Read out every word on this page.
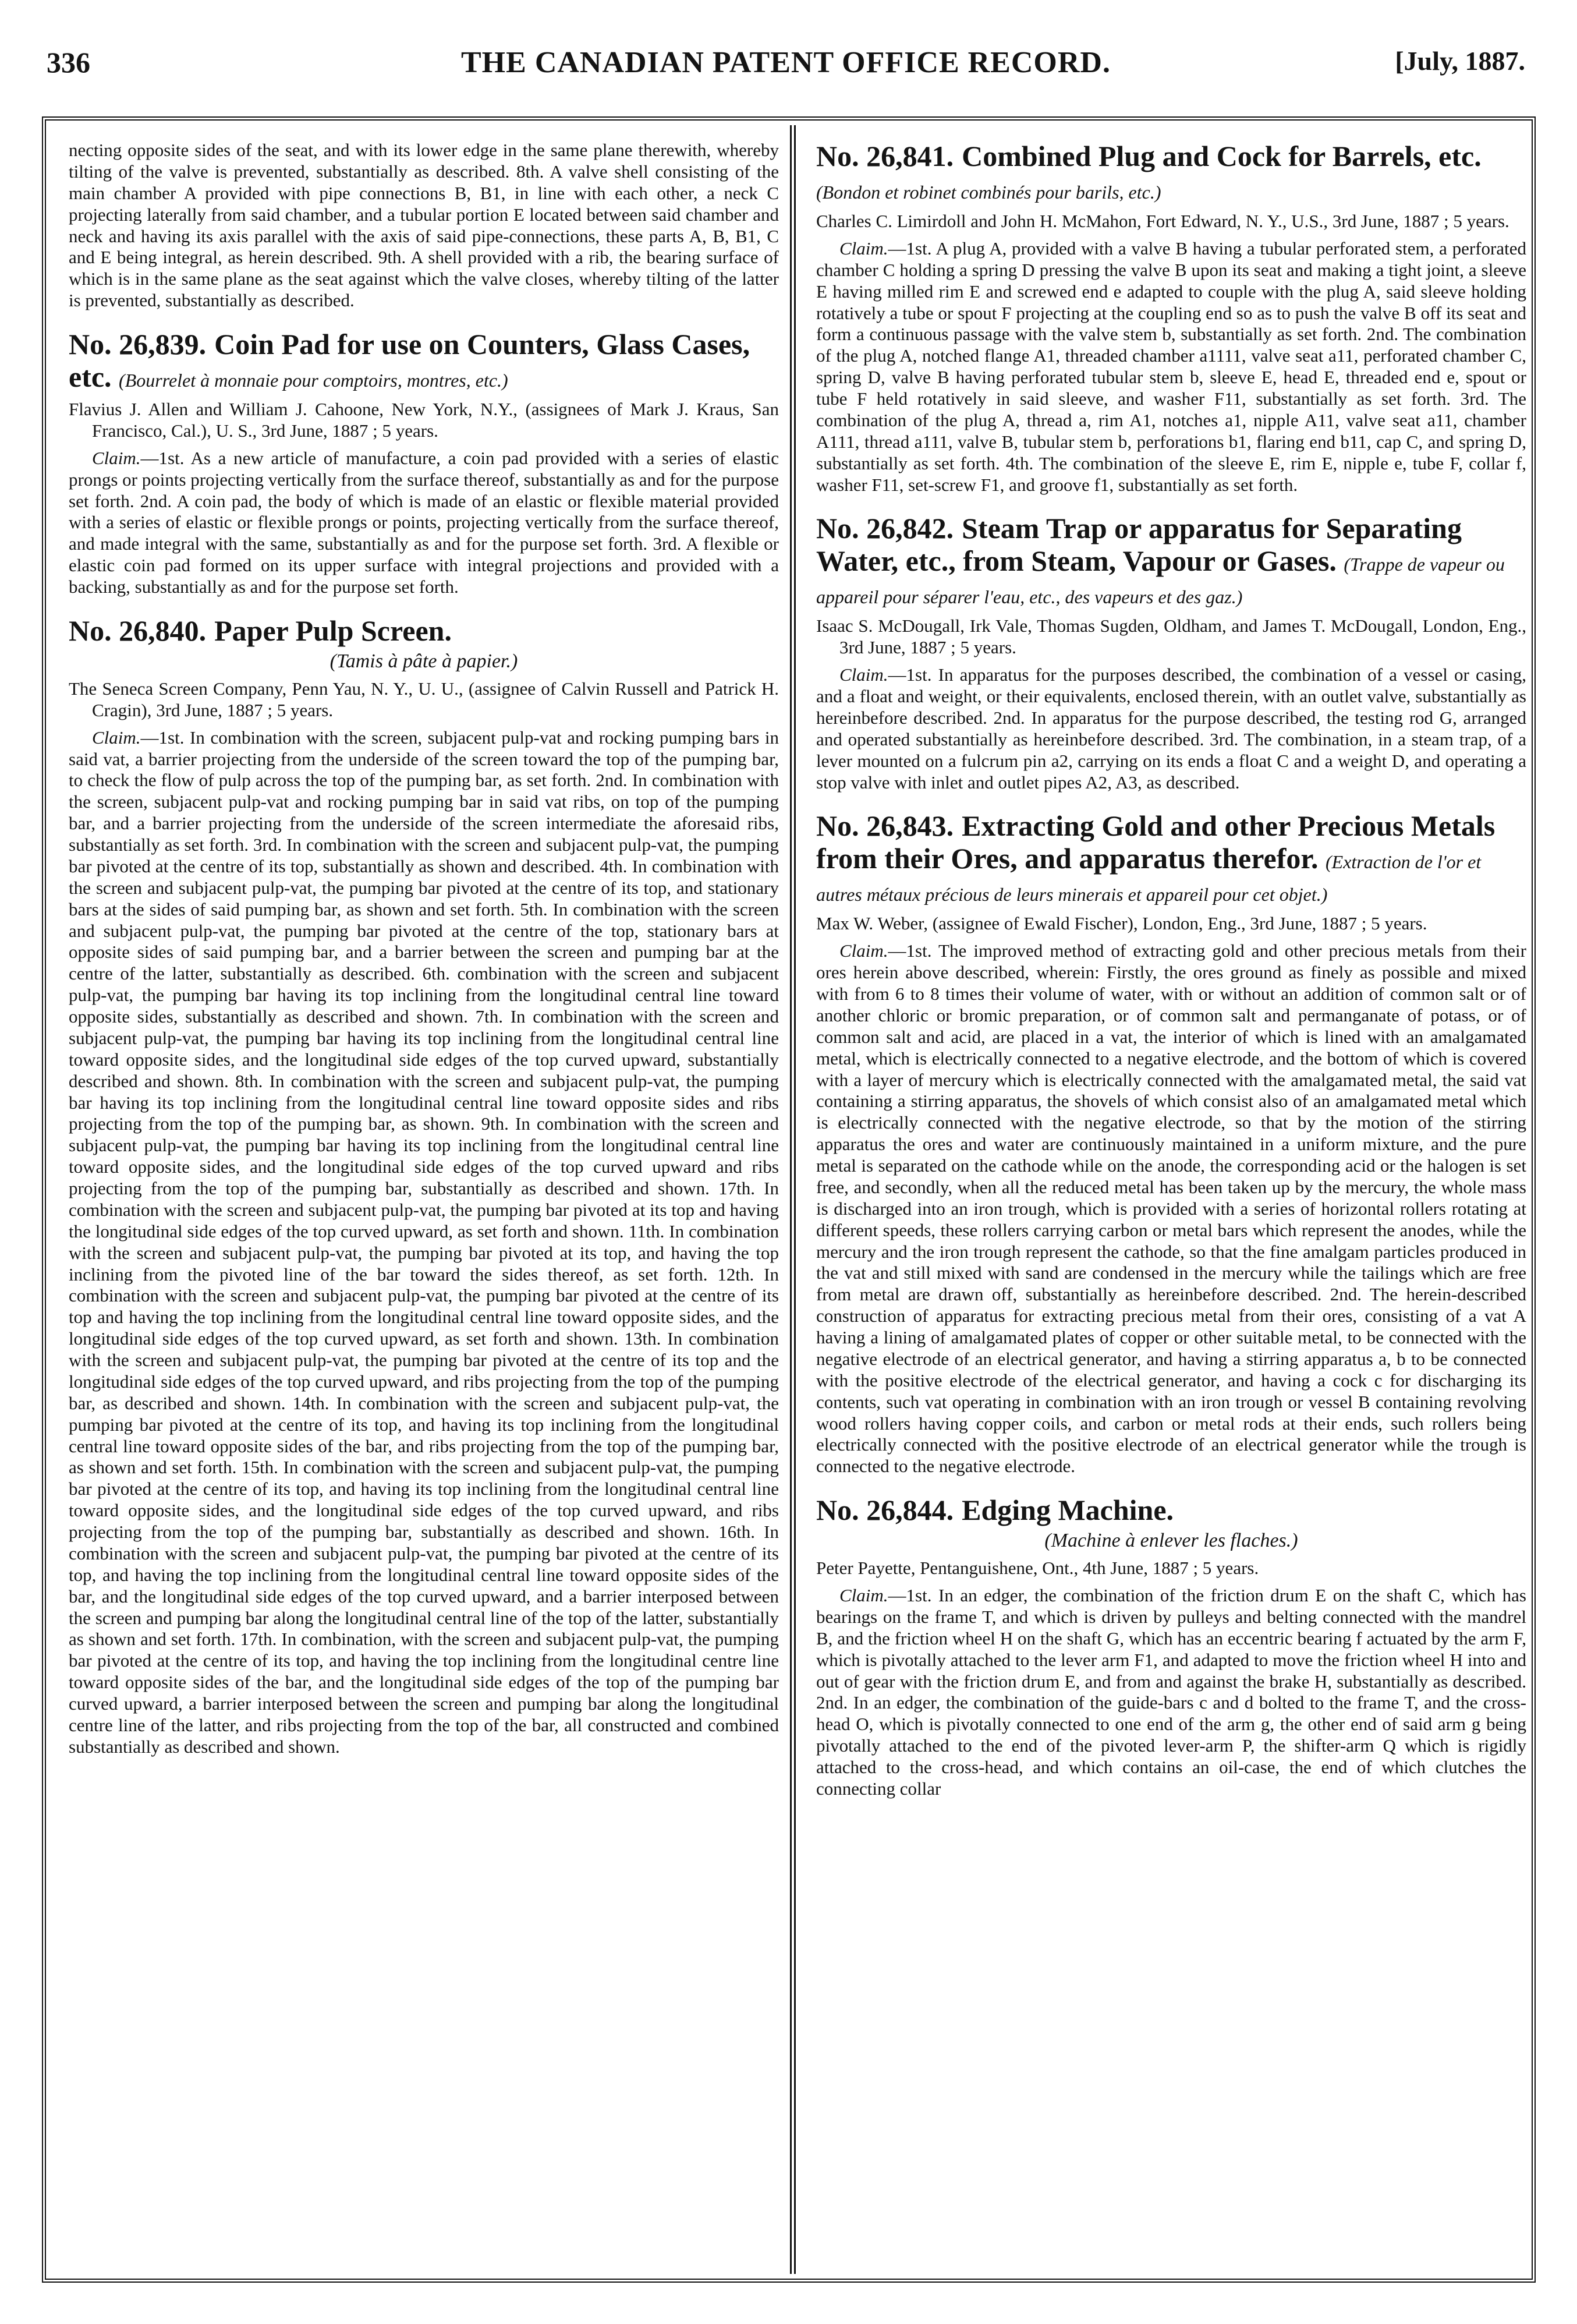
336	THE CANADIAN PATENT OFFICE RECORD.	[July, 1887.

necting opposite sides of the seat, and with its lower edge in the same plane therewith, whereby tilting of the valve is prevented, substantially as described. 8th. A valve shell consisting of the main chamber A provided with pipe connections B, B1, in line with each other, a neck C projecting laterally from said chamber, and a tubular portion E located between said chamber and neck and having its axis parallel with the axis of said pipe-connections, these parts A, B, B1, C and E being integral, as herein described. 9th. A shell provided with a rib, the bearing surface of which is in the same plane as the seat against which the valve closes, whereby tilting of the latter is prevented, substantially as described.

No. 26,839. Coin Pad for use on Counters, Glass Cases, etc. (Bourrelet à monnaie pour comptoirs, montres, etc.)

Flavius J. Allen and William J. Cahoone, New York, N.Y., (assignees of Mark J. Kraus, San Francisco, Cal.), U. S., 3rd June, 1887 ; 5 years.

Claim.—1st. As a new article of manufacture, a coin pad provided with a series of elastic prongs or points projecting vertically from the surface thereof, substantially as and for the purpose set forth. 2nd. A coin pad, the body of which is made of an elastic or flexible material provided with a series of elastic or flexible prongs or points, projecting vertically from the surface thereof, and made integral with the same, substantially as and for the purpose set forth. 3rd. A flexible or elastic coin pad formed on its upper surface with integral projections and provided with a backing, substantially as and for the purpose set forth.

No. 26,840. Paper Pulp Screen.
(Tamis à pâte à papier.)

The Seneca Screen Company, Penn Yau, N. Y., U. U., (assignee of Calvin Russell and Patrick H. Cragin), 3rd June, 1887 ; 5 years.

Claim.—1st. In combination with the screen, subjacent pulp-vat and rocking pumping bars in said vat, a barrier projecting from the underside of the screen toward the top of the pumping bar, to check the flow of pulp across the top of the pumping bar, as set forth. 2nd. In combination with the screen, subjacent pulp-vat and rocking pumping bar in said vat ribs, on top of the pumping bar, and a barrier projecting from the underside of the screen intermediate the aforesaid ribs, substantially as set forth. 3rd. In combination with the screen and subjacent pulp-vat, the pumping bar pivoted at the centre of its top, substantially as shown and described. 4th. In combination with the screen and subjacent pulp-vat, the pumping bar pivoted at the centre of its top, and stationary bars at the sides of said pumping bar, as shown and set forth. 5th. In combination with the screen and subjacent pulp-vat, the pumping bar pivoted at the centre of the top, stationary bars at opposite sides of said pumping bar, and a barrier between the screen and pumping bar at the centre of the latter, substantially as described. 6th. combination with the screen and subjacent pulp-vat, the pumping bar having its top inclining from the longitudinal central line toward opposite sides, substantially as described and shown. 7th. In combination with the screen and subjacent pulp-vat, the pumping bar having its top inclining from the longitudinal central line toward opposite sides, and the longitudinal side edges of the top curved upward, substantially described and shown. 8th. In combination with the screen and subjacent pulp-vat, the pumping bar having its top inclining from the longitudinal central line toward opposite sides and ribs projecting from the top of the pumping bar, as shown. 9th. In combination with the screen and subjacent pulp-vat, the pumping bar having its top inclining from the longitudinal central line toward opposite sides, and the longitudinal side edges of the top curved upward and ribs projecting from the top of the pumping bar, substantially as described and shown. 17th. In combination with the screen and subjacent pulp-vat, the pumping bar pivoted at its top and having the longitudinal side edges of the top curved upward, as set forth and shown. 11th. In combination with the screen and subjacent pulp-vat, the pumping bar pivoted at its top, and having the top inclining from the pivoted line of the bar toward the sides thereof, as set forth. 12th. In combination with the screen and subjacent pulp-vat, the pumping bar pivoted at the centre of its top and having the top inclining from the longitudinal central line toward opposite sides, and the longitudinal side edges of the top curved upward, as set forth and shown. 13th. In combination with the screen and subjacent pulp-vat, the pumping bar pivoted at the centre of its top and the longitudinal side edges of the top curved upward, and ribs projecting from the top of the pumping bar, as described and shown. 14th. In combination with the screen and subjacent pulp-vat, the pumping bar pivoted at the centre of its top, and having its top inclining from the longitudinal central line toward opposite sides of the bar, and ribs projecting from the top of the pumping bar, as shown and set forth. 15th. In combination with the screen and subjacent pulp-vat, the pumping bar pivoted at the centre of its top, and having its top inclining from the longitudinal central line toward opposite sides, and the longitudinal side edges of the top curved upward, and ribs projecting from the top of the pumping bar, substantially as described and shown. 16th. In combination with the screen and subjacent pulp-vat, the pumping bar pivoted at the centre of its top, and having the top inclining from the longitudinal central line toward opposite sides of the bar, and the longitudinal side edges of the top curved upward, and a barrier interposed between the screen and pumping bar along the longitudinal central line of the top of the latter, substantially as shown and set forth. 17th. In combination, with the screen and subjacent pulp-vat, the pumping bar pivoted at the centre of its top, and having the top inclining from the longitudinal centre line toward opposite sides of the bar, and the longitudinal side edges of the top of the pumping bar curved upward, a barrier interposed between the screen and pumping bar along the longitudinal centre line of the latter, and ribs projecting from the top of the bar, all constructed and combined substantially as described and shown.

No. 26,841. Combined Plug and Cock for Barrels, etc. (Bondon et robinet combinés pour barils, etc.)

Charles C. Limirdoll and John H. McMahon, Fort Edward, N. Y., U.S., 3rd June, 1887 ; 5 years.

Claim.—1st. A plug A, provided with a valve B having a tubular perforated stem, a perforated chamber C holding a spring D pressing the valve B upon its seat and making a tight joint, a sleeve E having milled rim E and screwed end e adapted to couple with the plug A, said sleeve holding rotatively a tube or spout F projecting at the coupling end so as to push the valve B off its seat and form a continuous passage with the valve stem b, substantially as set forth. 2nd. The combination of the plug A, notched flange A1, threaded chamber a1111, valve seat a11, perforated chamber C, spring D, valve B having perforated tubular stem b, sleeve E, head E, threaded end e, spout or tube F held rotatively in said sleeve, and washer F11, substantially as set forth. 3rd. The combination of the plug A, thread a, rim A1, notches a1, nipple A11, valve seat a11, chamber A111, thread a111, valve B, tubular stem b, perforations b1, flaring end b11, cap C, and spring D, substantially as set forth. 4th. The combination of the sleeve E, rim E, nipple e, tube F, collar f, washer F11, set-screw F1, and groove f1, substantially as set forth.

No. 26,842. Steam Trap or apparatus for Separating Water, etc., from Steam, Vapour or Gases. (Trappe de vapeur ou appareil pour séparer l'eau, etc., des vapeurs et des gaz.)

Isaac S. McDougall, Irk Vale, Thomas Sugden, Oldham, and James T. McDougall, London, Eng., 3rd June, 1887 ; 5 years.

Claim.—1st. In apparatus for the purposes described, the combination of a vessel or casing, and a float and weight, or their equivalents, enclosed therein, with an outlet valve, substantially as hereinbefore described. 2nd. In apparatus for the purpose described, the testing rod G, arranged and operated substantially as hereinbefore described. 3rd. The combination, in a steam trap, of a lever mounted on a fulcrum pin a2, carrying on its ends a float C and a weight D, and operating a stop valve with inlet and outlet pipes A2, A3, as described.

No. 26,843. Extracting Gold and other Precious Metals from their Ores, and apparatus therefor. (Extraction de l'or et autres métaux précious de leurs minerais et appareil pour cet objet.)

Max W. Weber, (assignee of Ewald Fischer), London, Eng., 3rd June, 1887 ; 5 years.

Claim.—1st. The improved method of extracting gold and other precious metals from their ores herein above described, wherein: Firstly, the ores ground as finely as possible and mixed with from 6 to 8 times their volume of water, with or without an addition of common salt or of another chloric or bromic preparation, or of common salt and permanganate of potass, or of common salt and acid, are placed in a vat, the interior of which is lined with an amalgamated metal, which is electrically connected to a negative electrode, and the bottom of which is covered with a layer of mercury which is electrically connected with the amalgamated metal, the said vat containing a stirring apparatus, the shovels of which consist also of an amalgamated metal which is electrically connected with the negative electrode, so that by the motion of the stirring apparatus the ores and water are continuously maintained in a uniform mixture, and the pure metal is separated on the cathode while on the anode, the corresponding acid or the halogen is set free, and secondly, when all the reduced metal has been taken up by the mercury, the whole mass is discharged into an iron trough, which is provided with a series of horizontal rollers rotating at different speeds, these rollers carrying carbon or metal bars which represent the anodes, while the mercury and the iron trough represent the cathode, so that the fine amalgam particles produced in the vat and still mixed with sand are condensed in the mercury while the tailings which are free from metal are drawn off, substantially as hereinbefore described. 2nd. The herein-described construction of apparatus for extracting precious metal from their ores, consisting of a vat A having a lining of amalgamated plates of copper or other suitable metal, to be connected with the negative electrode of an electrical generator, and having a stirring apparatus a, b to be connected with the positive electrode of the electrical generator, and having a cock c for discharging its contents, such vat operating in combination with an iron trough or vessel B containing revolving wood rollers having copper coils, and carbon or metal rods at their ends, such rollers being electrically connected with the positive electrode of an electrical generator while the trough is connected to the negative electrode.

No. 26,844. Edging Machine.
(Machine à enlever les flaches.)

Peter Payette, Pentanguishene, Ont., 4th June, 1887 ; 5 years.

Claim.—1st. In an edger, the combination of the friction drum E on the shaft C, which has bearings on the frame T, and which is driven by pulleys and belting connected with the mandrel B, and the friction wheel H on the shaft G, which has an eccentric bearing f actuated by the arm F, which is pivotally attached to the lever arm F1, and adapted to move the friction wheel H into and out of gear with the friction drum E, and from and against the brake H, substantially as described. 2nd. In an edger, the combination of the guide-bars c and d bolted to the frame T, and the cross-head O, which is pivotally connected to one end of the arm g, the other end of said arm g being pivotally attached to the end of the pivoted lever-arm P, the shifter-arm Q which is rigidly attached to the cross-head, and which contains an oil-case, the end of which clutches the connecting collar
